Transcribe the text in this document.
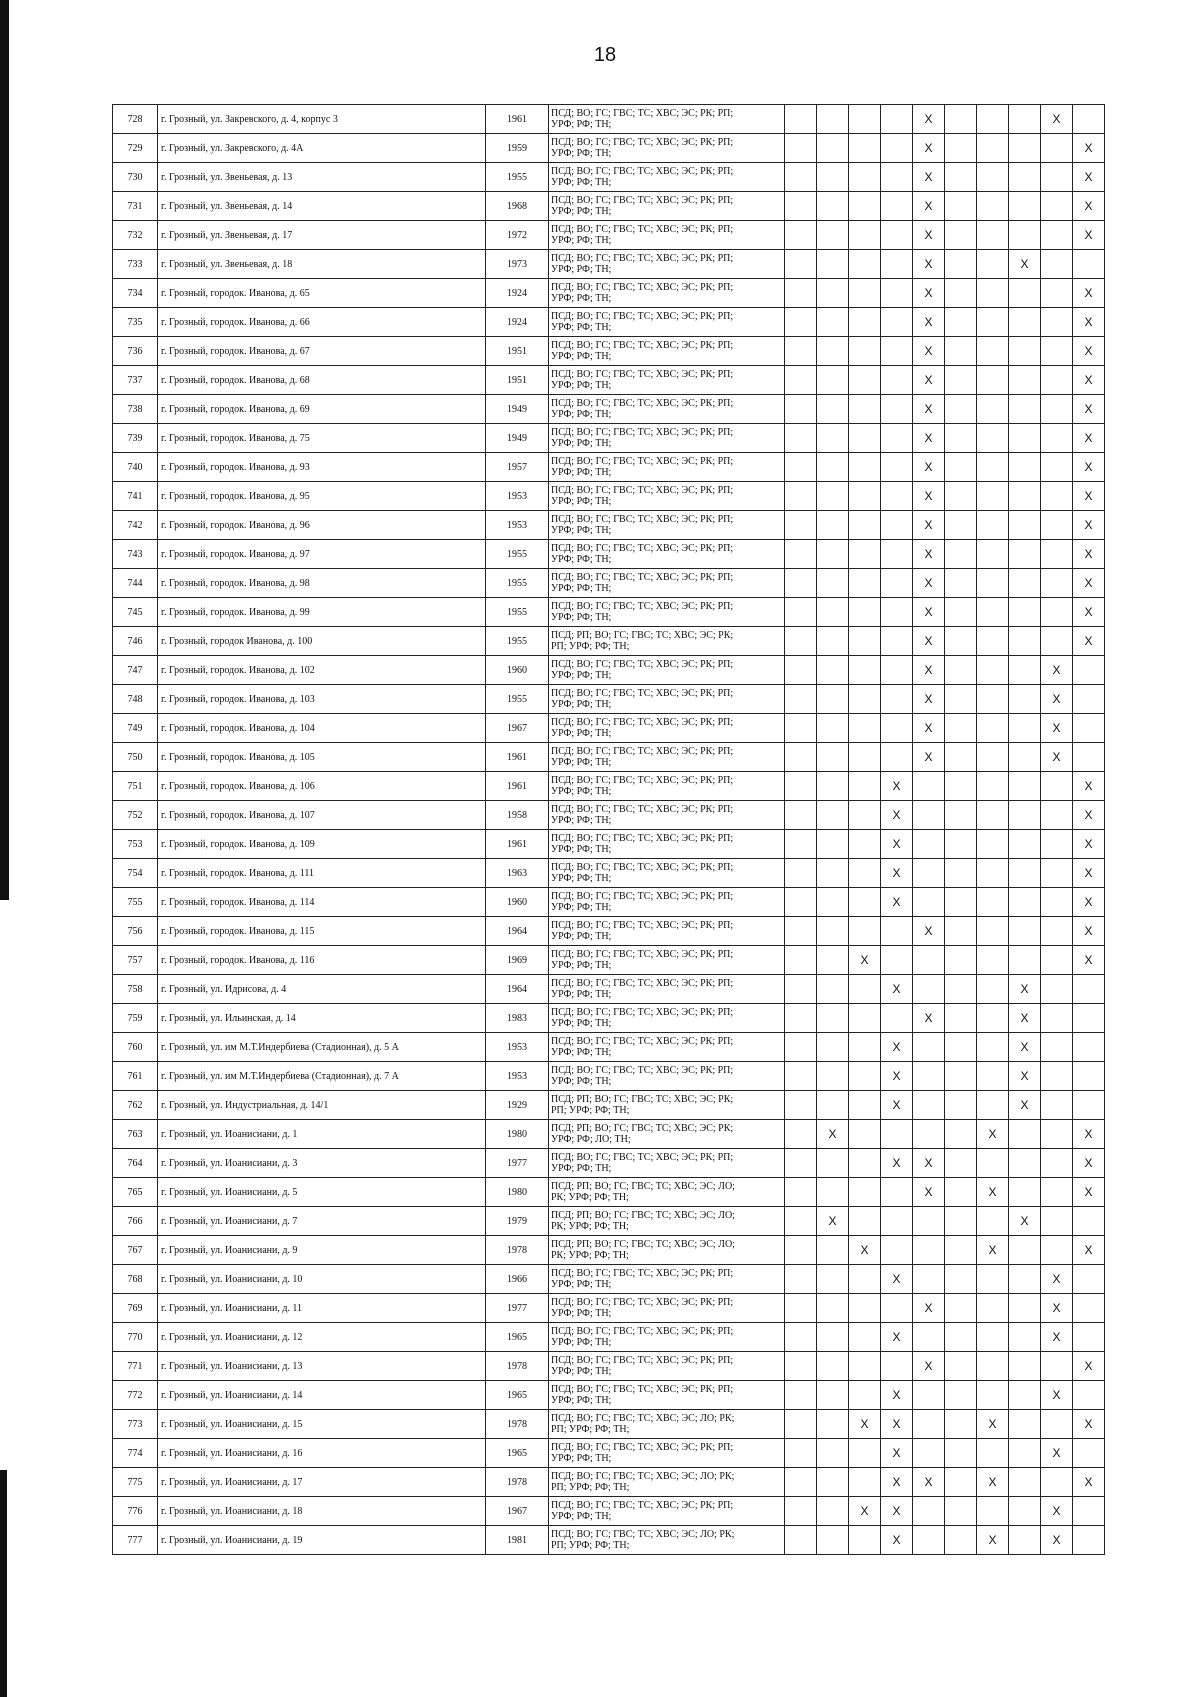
18
728	г. Грозный, ул. Закревского, д. 4, корпус 3	1961	ПСД; ВО; ГС; ГВС; ТС; ХВС; ЭС; РК; РП;
УРФ; РФ; ТН;					X				X	
729	г. Грозный, ул. Закревского, д. 4А	1959	ПСД; ВО; ГС; ГВС; ТС; ХВС; ЭС; РК; РП;
УРФ; РФ; ТН;					X					X
730	г. Грозный, ул. Звеньевая, д. 13	1955	ПСД; ВО; ГС; ГВС; ТС; ХВС; ЭС; РК; РП;
УРФ; РФ; ТН;					X					X
731	г. Грозный, ул. Звеньевая, д. 14	1968	ПСД; ВО; ГС; ГВС; ТС; ХВС; ЭС; РК; РП;
УРФ; РФ; ТН;					X					X
732	г. Грозный, ул. Звеньевая, д. 17	1972	ПСД; ВО; ГС; ГВС; ТС; ХВС; ЭС; РК; РП;
УРФ; РФ; ТН;					X					X
733	г. Грозный, ул. Звеньевая, д. 18	1973	ПСД; ВО; ГС; ГВС; ТС; ХВС; ЭС; РК; РП;
УРФ; РФ; ТН;					X			X		
734	г. Грозный, городок. Иванова, д. 65	1924	ПСД; ВО; ГС; ГВС; ТС; ХВС; ЭС; РК; РП;
УРФ; РФ; ТН;					X					X
735	г. Грозный, городок. Иванова, д. 66	1924	ПСД; ВО; ГС; ГВС; ТС; ХВС; ЭС; РК; РП;
УРФ; РФ; ТН;					X					X
736	г. Грозный, городок. Иванова, д. 67	1951	ПСД; ВО; ГС; ГВС; ТС; ХВС; ЭС; РК; РП;
УРФ; РФ; ТН;					X					X
737	г. Грозный, городок. Иванова, д. 68	1951	ПСД; ВО; ГС; ГВС; ТС; ХВС; ЭС; РК; РП;
УРФ; РФ; ТН;					X					X
738	г. Грозный, городок. Иванова, д. 69	1949	ПСД; ВО; ГС; ГВС; ТС; ХВС; ЭС; РК; РП;
УРФ; РФ; ТН;					X					X
739	г. Грозный, городок. Иванова, д. 75	1949	ПСД; ВО; ГС; ГВС; ТС; ХВС; ЭС; РК; РП;
УРФ; РФ; ТН;					X					X
740	г. Грозный, городок. Иванова, д. 93	1957	ПСД; ВО; ГС; ГВС; ТС; ХВС; ЭС; РК; РП;
УРФ; РФ; ТН;					X					X
741	г. Грозный, городок. Иванова, д. 95	1953	ПСД; ВО; ГС; ГВС; ТС; ХВС; ЭС; РК; РП;
УРФ; РФ; ТН;					X					X
742	г. Грозный, городок. Иванова, д. 96	1953	ПСД; ВО; ГС; ГВС; ТС; ХВС; ЭС; РК; РП;
УРФ; РФ; ТН;					X					X
743	г. Грозный, городок. Иванова, д. 97	1955	ПСД; ВО; ГС; ГВС; ТС; ХВС; ЭС; РК; РП;
УРФ; РФ; ТН;					X					X
744	г. Грозный, городок. Иванова, д. 98	1955	ПСД; ВО; ГС; ГВС; ТС; ХВС; ЭС; РК; РП;
УРФ; РФ; ТН;					X					X
745	г. Грозный, городок. Иванова, д. 99	1955	ПСД; ВО; ГС; ГВС; ТС; ХВС; ЭС; РК; РП;
УРФ; РФ; ТН;					X					X
746	г. Грозный, городок Иванова, д. 100	1955	ПСД; РП; ВО; ГС; ГВС; ТС; ХВС; ЭС; РК;
РП; УРФ; РФ; ТН;					X					X
747	г. Грозный, городок. Иванова, д. 102	1960	ПСД; ВО; ГС; ГВС; ТС; ХВС; ЭС; РК; РП;
УРФ; РФ; ТН;					X				X	
748	г. Грозный, городок. Иванова, д. 103	1955	ПСД; ВО; ГС; ГВС; ТС; ХВС; ЭС; РК; РП;
УРФ; РФ; ТН;					X				X	
749	г. Грозный, городок. Иванова, д. 104	1967	ПСД; ВО; ГС; ГВС; ТС; ХВС; ЭС; РК; РП;
УРФ; РФ; ТН;					X				X	
750	г. Грозный, городок. Иванова, д. 105	1961	ПСД; ВО; ГС; ГВС; ТС; ХВС; ЭС; РК; РП;
УРФ; РФ; ТН;					X				X	
751	г. Грозный, городок. Иванова, д. 106	1961	ПСД; ВО; ГС; ГВС; ТС; ХВС; ЭС; РК; РП;
УРФ; РФ; ТН;				X						X
752	г. Грозный, городок. Иванова, д. 107	1958	ПСД; ВО; ГС; ГВС; ТС; ХВС; ЭС; РК; РП;
УРФ; РФ; ТН;				X						X
753	г. Грозный, городок. Иванова, д. 109	1961	ПСД; ВО; ГС; ГВС; ТС; ХВС; ЭС; РК; РП;
УРФ; РФ; ТН;				X						X
754	г. Грозный, городок. Иванова, д. 111	1963	ПСД; ВО; ГС; ГВС; ТС; ХВС; ЭС; РК; РП;
УРФ; РФ; ТН;				X						X
755	г. Грозный, городок. Иванова, д. 114	1960	ПСД; ВО; ГС; ГВС; ТС; ХВС; ЭС; РК; РП;
УРФ; РФ; ТН;				X						X
756	г. Грозный, городок. Иванова, д. 115	1964	ПСД; ВО; ГС; ГВС; ТС; ХВС; ЭС; РК; РП;
УРФ; РФ; ТН;					X					X
757	г. Грозный, городок. Иванова, д. 116	1969	ПСД; ВО; ГС; ГВС; ТС; ХВС; ЭС; РК; РП;
УРФ; РФ; ТН;			X							X
758	г. Грозный, ул. Идрисова, д. 4	1964	ПСД; ВО; ГС; ГВС; ТС; ХВС; ЭС; РК; РП;
УРФ; РФ; ТН;				X				X		
759	г. Грозный, ул. Ильинская, д. 14	1983	ПСД; ВО; ГС; ГВС; ТС; ХВС; ЭС; РК; РП;
УРФ; РФ; ТН;					X			X		
760	г. Грозный, ул. им М.Т.Индербиева (Стадионная), д. 5 А	1953	ПСД; ВО; ГС; ГВС; ТС; ХВС; ЭС; РК; РП;
УРФ; РФ; ТН;				X				X		
761	г. Грозный, ул. им М.Т.Индербиева (Стадионная), д. 7 А	1953	ПСД; ВО; ГС; ГВС; ТС; ХВС; ЭС; РК; РП;
УРФ; РФ; ТН;				X				X		
762	г. Грозный, ул. Индустриальная, д. 14/1	1929	ПСД; РП; ВО; ГС; ГВС; ТС; ХВС; ЭС; РК;
РП; УРФ; РФ; ТН;				X				X		
763	г. Грозный, ул. Иоанисиани, д. 1	1980	ПСД; РП; ВО; ГС; ГВС; ТС; ХВС; ЭС; РК;
УРФ; РФ; ЛО; ТН;		X					X			X
764	г. Грозный, ул. Иоанисиани, д. 3	1977	ПСД; ВО; ГС; ГВС; ТС; ХВС; ЭС; РК; РП;
УРФ; РФ; ТН;				X	X					X
765	г. Грозный, ул. Иоанисиани, д. 5	1980	ПСД; РП; ВО; ГС; ГВС; ТС; ХВС; ЭС; ЛО;
РК; УРФ; РФ; ТН;					X		X			X
766	г. Грозный, ул. Иоанисиани, д. 7	1979	ПСД; РП; ВО; ГС; ГВС; ТС; ХВС; ЭС; ЛО;
РК; УРФ; РФ; ТН;		X						X		
767	г. Грозный, ул. Иоанисиани, д. 9	1978	ПСД; РП; ВО; ГС; ГВС; ТС; ХВС; ЭС; ЛО;
РК; УРФ; РФ; ТН;			X				X			X
768	г. Грозный, ул. Иоанисиани, д. 10	1966	ПСД; ВО; ГС; ГВС; ТС; ХВС; ЭС; РК; РП;
УРФ; РФ; ТН;				X					X	
769	г. Грозный, ул. Иоанисиани, д. 11	1977	ПСД; ВО; ГС; ГВС; ТС; ХВС; ЭС; РК; РП;
УРФ; РФ; ТН;					X				X	
770	г. Грозный, ул. Иоанисиани, д. 12	1965	ПСД; ВО; ГС; ГВС; ТС; ХВС; ЭС; РК; РП;
УРФ; РФ; ТН;				X					X	
771	г. Грозный, ул. Иоанисиани, д. 13	1978	ПСД; ВО; ГС; ГВС; ТС; ХВС; ЭС; РК; РП;
УРФ; РФ; ТН;					X					X
772	г. Грозный, ул. Иоанисиани, д. 14	1965	ПСД; ВО; ГС; ГВС; ТС; ХВС; ЭС; РК; РП;
УРФ; РФ; ТН;				X					X	
773	г. Грозный, ул. Иоанисиани, д. 15	1978	ПСД; ВО; ГС; ГВС; ТС; ХВС; ЭС; ЛО; РК;
РП; УРФ; РФ; ТН;			X	X			X			X
774	г. Грозный, ул. Иоанисиани, д. 16	1965	ПСД; ВО; ГС; ГВС; ТС; ХВС; ЭС; РК; РП;
УРФ; РФ; ТН;				X					X	
775	г. Грозный, ул. Иоанисиани, д. 17	1978	ПСД; ВО; ГС; ГВС; ТС; ХВС; ЭС; ЛО; РК;
РП; УРФ; РФ; ТН;				X	X		X			X
776	г. Грозный, ул. Иоанисиани, д. 18	1967	ПСД; ВО; ГС; ГВС; ТС; ХВС; ЭС; РК; РП;
УРФ; РФ; ТН;			X	X					X	
777	г. Грозный, ул. Иоанисиани, д. 19	1981	ПСД; ВО; ГС; ГВС; ТС; ХВС; ЭС; ЛО; РК;
РП; УРФ; РФ; ТН;				X			X		X	
